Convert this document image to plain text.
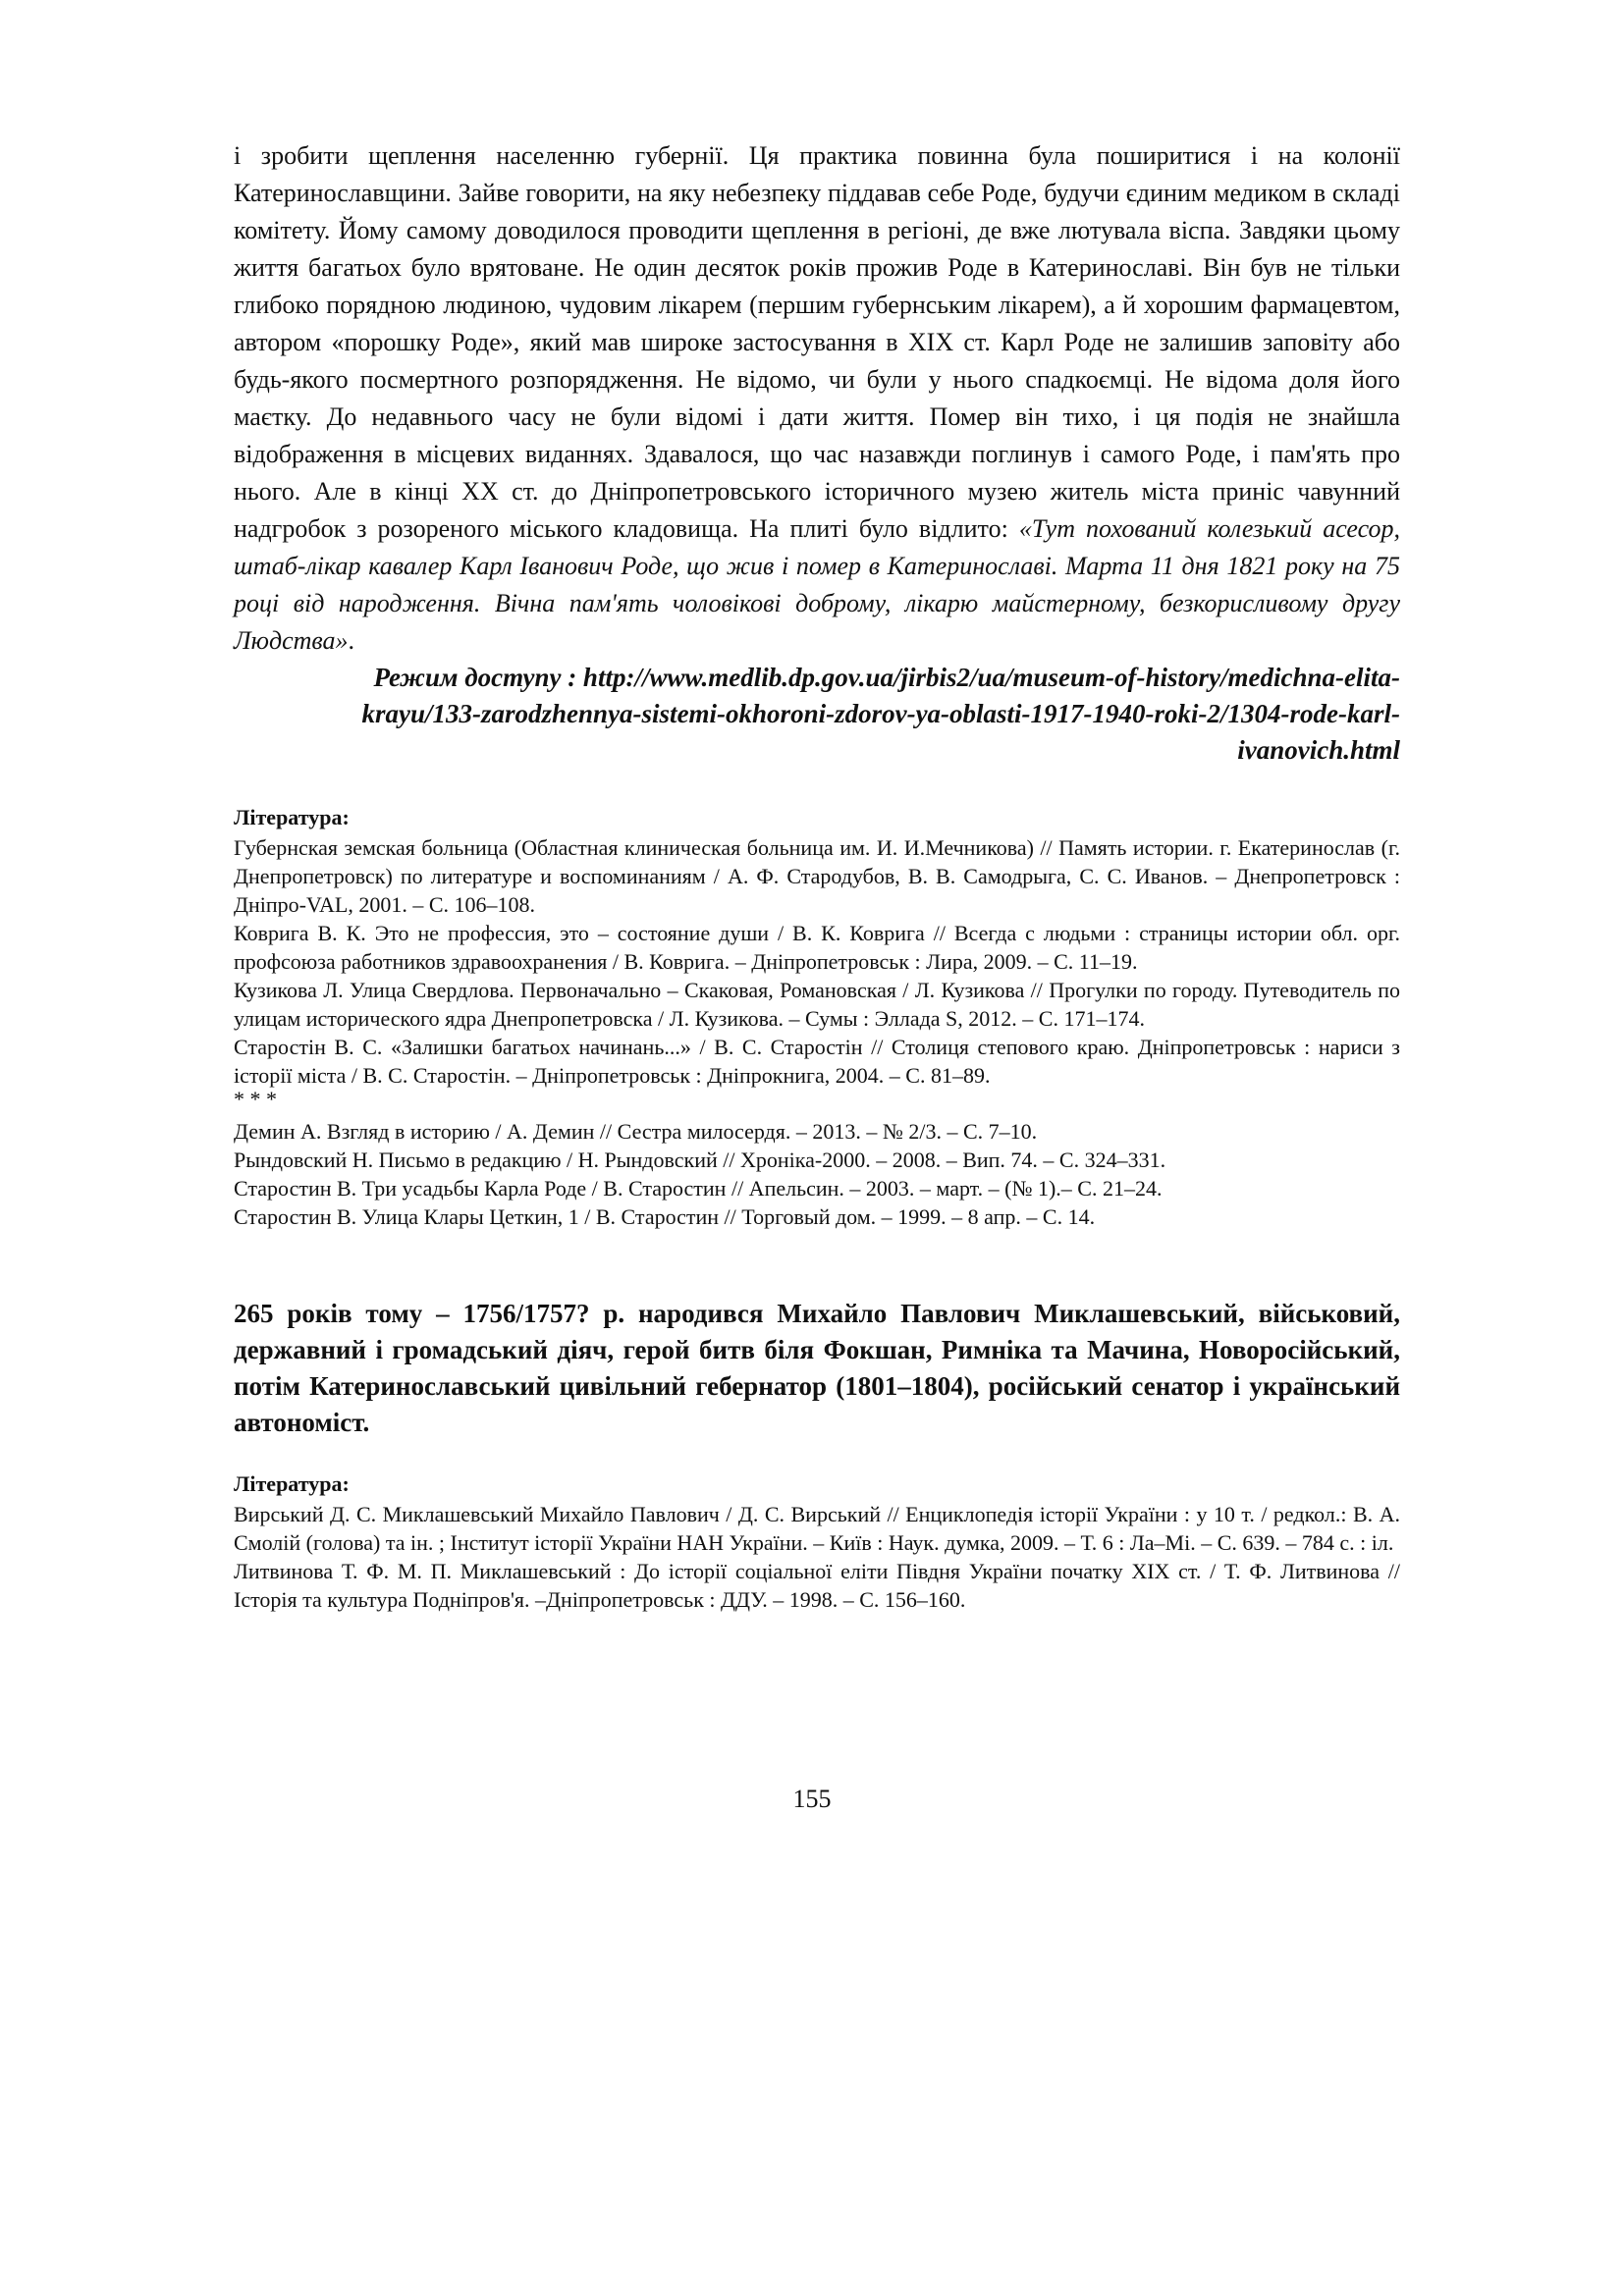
і зробити щеплення населенню губернії. Ця практика повинна була поширитися і на колонії Катеринославщини. Зайве говорити, на яку небезпеку піддавав себе Роде, будучи єдиним медиком в складі комітету. Йому самому доводилося проводити щеплення в регіоні, де вже лютувала віспа. Завдяки цьому життя багатьох було врятоване. Не один десяток років прожив Роде в Катеринославі. Він був не тільки глибоко порядною людиною, чудовим лікарем (першим губернським лікарем), а й хорошим фармацевтом, автором «порошку Роде», який мав широке застосування в XIX ст. Карл Роде не залишив заповіту або будь-якого посмертного розпорядження. Не відомо, чи були у нього спадкоємці. Не відома доля його маєтку. До недавнього часу не були відомі і дати життя. Помер він тихо, і ця подія не знайшла відображення в місцевих виданнях. Здавалося, що час назавжди поглинув і самого Роде, і пам'ять про нього. Але в кінці XX ст. до Дніпропетровського історичного музею житель міста приніс чавунний надгробок з розореного міського кладовища. На плиті було відлито: «Тут похований колезький асесор, штаб-лікар кавалер Карл Іванович Роде, що жив і помер в Катеринославі. Марта 11 дня 1821 року на 75 році від народження. Вічна пам'ять чоловікові доброму, лікарю майстерному, безкорисливому другу Людства».

Режим доступу : http://www.medlib.dp.gov.ua/jirbis2/ua/museum-of-history/medichna-elita-krayu/133-zarodzhennya-sistemi-okhoroni-zdorov-ya-oblasti-1917-1940-roki-2/1304-rode-karl-ivanovich.html

Література:

Губернская земская больница (Областная клиническая больница им. И. И.Мечникова) // Память истории. г. Екатеринослав (г. Днепропетровск) по литературе и воспоминаниям / А. Ф. Стародубов, В. В. Самодрыга, С. С. Иванов. – Днепропетровск : Дніпро-VAL, 2001. – С. 106–108.
Коврига В. К. Это не профессия, это – состояние души / В. К. Коврига // Всегда с людьми : страницы истории обл. орг. профсоюза работников здравоохранения / В. Коврига. – Дніпропетровськ : Лира, 2009. – С. 11–19.
Кузикова Л. Улица Свердлова. Первоначально – Скаковая, Романовская / Л. Кузикова // Прогулки по городу. Путеводитель по улицам исторического ядра Днепропетровска / Л. Кузикова. – Сумы : Эллада S, 2012. – С. 171–174.
Старостін В. С. «Залишки багатьох начинань...» / В. С. Старостін // Столиця степового краю. Дніпропетровськ : нариси з історії міста / В. С. Старостін. – Дніпропетровськ : Дніпрокнига, 2004. – С. 81–89.

* * *

Демин А. Взгляд в историю / А. Демин // Сестра милосердя. – 2013. – № 2/3. – С. 7–10.
Рындовский Н. Письмо в редакцию / Н. Рындовский // Хроніка-2000. – 2008. – Вип. 74. – С. 324–331.
Старостин В. Три усадьбы Карла Роде / В. Старостин // Апельсин. – 2003. – март. – (№ 1).– С. 21–24.
Старостин В. Улица Клары Цеткин, 1 / В. Старостин // Торговый дом. – 1999. – 8 апр. – С. 14.

265 років тому – 1756/1757? р. народився Михайло Павлович Миклашевський, військовий, державний і громадський діяч, герой битв біля Фокшан, Римніка та Мачина, Новоросійський, потім Катеринославський цивільний гебернатор (1801–1804), російський сенатор і український автономіст.

Література:

Вирський Д. С. Миклашевський Михайло Павлович / Д. С. Вирський // Енциклопедія історії України : у 10 т. / редкол.: В. А. Смолій (голова) та ін. ; Інститут історії України НАН України. – Київ : Наук. думка, 2009. – Т. 6 : Ла–Мі. – С. 639. – 784 с. : іл.
Литвинова Т. Ф. М. П. Миклашевський : До історії соціальної еліти Півдня України початку XIX ст. / Т. Ф. Литвинова // Історія та культура Подніпров'я. –Дніпропетровськ : ДДУ. – 1998. – С. 156–160.
155
